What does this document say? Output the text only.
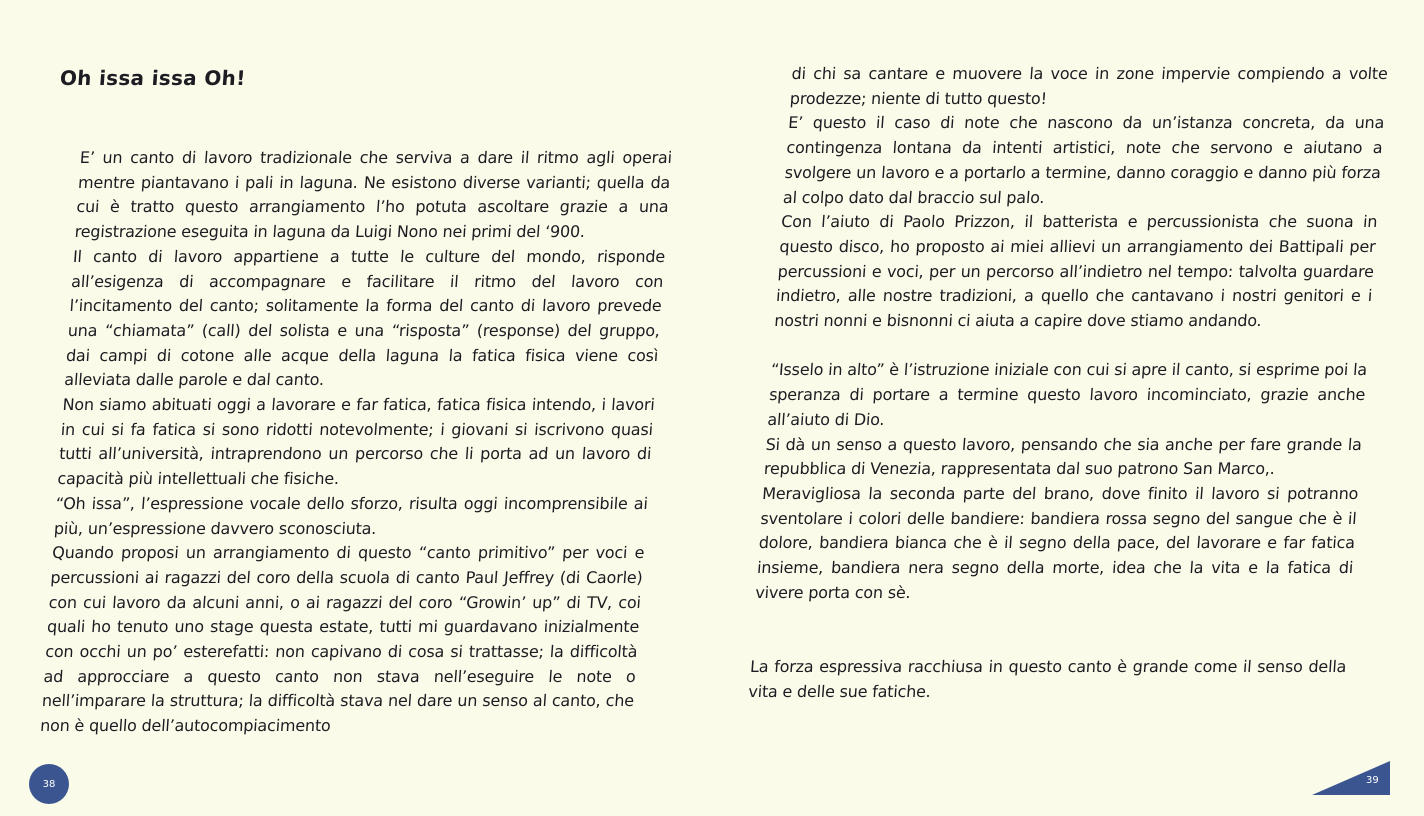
Oh issa issa Oh!

E’ un canto di lavoro tradizionale che serviva a dare il ritmo agli operai mentre piantavano i pali in laguna. Ne esistono diverse varianti; quella da cui è tratto questo arrangiamento l’ho potuta ascoltare grazie a una registrazione eseguita in laguna da Luigi Nono nei primi del ‘900.

Il canto di lavoro appartiene a tutte le culture del mondo, risponde all’esigenza di accompagnare e facilitare il ritmo del lavoro con l’incitamento del canto; solitamente la forma del canto di lavoro prevede una “chiamata” (call) del solista e una “risposta” (response) del gruppo, dai campi di cotone alle acque della laguna la fatica fisica viene così alleviata dalle parole e dal canto.

Non siamo abituati oggi a lavorare e far fatica, fatica fisica intendo, i lavori in cui si fa fatica si sono ridotti notevolmente; i giovani si iscrivono quasi tutti all’università, intraprendono un percorso che li porta ad un lavoro di capacità più intellettuali che fisiche.

“Oh issa”, l’espressione vocale dello sforzo, risulta oggi incomprensibile ai più, un’espressione davvero sconosciuta.

Quando proposi un arrangiamento di questo “canto primitivo” per voci e percussioni ai ragazzi del coro della scuola di canto Paul Jeffrey (di Caorle) con cui lavoro da alcuni anni, o ai ragazzi del coro “Growin’ up” di TV, coi quali ho tenuto uno stage questa estate, tutti mi guardavano inizialmente con occhi un po’ esterefatti: non capivano di cosa si trattasse; la difficoltà ad approcciare a questo canto non stava nell’eseguire le note o nell’imparare la struttura; la difficoltà stava nel dare un senso al canto, che non è quello dell’autocompiacimento

38

di chi sa cantare e muovere la voce in zone impervie compiendo a volte prodezze; niente di tutto questo!

E’ questo il caso di note che nascono da un’istanza concreta, da una contingenza lontana da intenti artistici, note che servono e aiutano a svolgere un lavoro e a portarlo a termine, danno coraggio e danno più forza al colpo dato dal braccio sul palo.

Con l’aiuto di Paolo Prizzon, il batterista e percussionista che suona in questo disco, ho proposto ai miei allievi un arrangiamento dei Battipali per percussioni e voci, per un percorso all’indietro nel tempo: talvolta guardare indietro, alle nostre tradizioni, a quello che cantavano i nostri genitori e i nostri nonni e bisnonni ci aiuta a capire dove stiamo andando.

“Isselo in alto” è l’istruzione iniziale con cui si apre il canto, si esprime poi la speranza di portare a termine questo lavoro incominciato, grazie anche all’aiuto di Dio.

Si dà un senso a questo lavoro, pensando che sia anche per fare grande la repubblica di Venezia, rappresentata dal suo patrono San Marco,.

Meravigliosa la seconda parte del brano, dove finito il lavoro si potranno sventolare i colori delle bandiere: bandiera rossa segno del sangue che è il dolore, bandiera bianca che è il segno della pace, del lavorare e far fatica insieme, bandiera nera segno della morte, idea che la vita e la fatica di vivere porta con sè.

La forza espressiva racchiusa in questo canto è grande come il senso della vita e delle sue fatiche.

39
